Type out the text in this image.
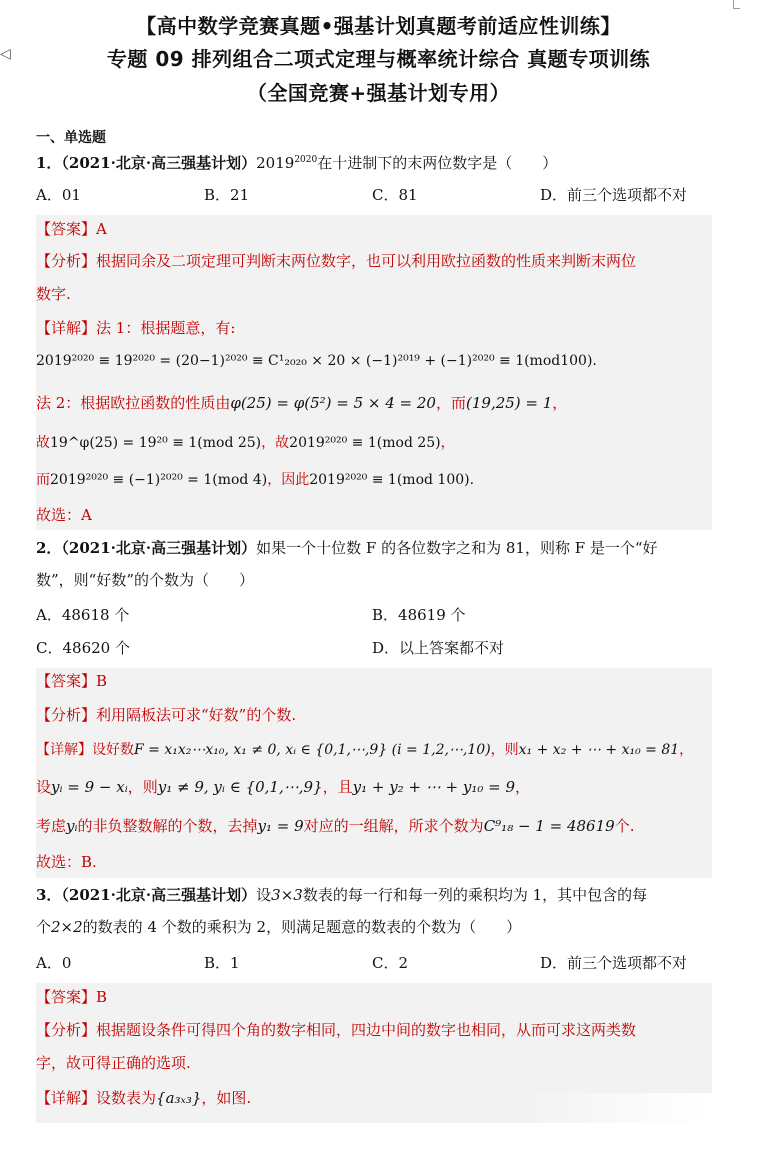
◁
【高中数学竞赛真题•强基计划真题考前适应性训练】
专题 09 排列组合二项式定理与概率统计综合 真题专项训练
（全国竞赛+强基计划专用）
一、单选题
1．（2021·北京·高三强基计划）$2019^{2020}$在十进制下的末两位数字是（　　）
A．01	B．21	C．81	D．前三个选项都不对
【答案】A
【分析】根据同余及二项定理可判断末两位数字，也可以利用欧拉函数的性质来判断末两位
数字.
【详解】法 1：根据题意，有:
2019²⁰²⁰ ≡ 19²⁰²⁰ = (20−1)²⁰²⁰ ≡ C¹₂₀₂₀ × 20 × (−1)²⁰¹⁹ + (−1)²⁰²⁰ ≡ 1(mod100).
法 2：根据欧拉函数的性质由φ(25) = φ(5²) = 5 × 4 = 20，而(19,25) = 1，
故19^φ(25) = 19²⁰ ≡ 1(mod 25)，故2019²⁰²⁰ ≡ 1(mod 25)，
而2019²⁰²⁰ ≡ (−1)²⁰²⁰ = 1(mod 4)，因此2019²⁰²⁰ ≡ 1(mod 100).
故选：A
2．（2021·北京·高三强基计划）如果一个十位数 F 的各位数字之和为 81，则称 F 是一个“好
数”，则“好数”的个数为（　　）
A．48618 个	B．48619 个
C．48620 个	D．以上答案都不对
【答案】B
【分析】利用隔板法可求“好数”的个数.
【详解】设好数F = x₁x₂⋯x₁₀, x₁ ≠ 0, xᵢ ∈ {0,1,⋯,9} (i = 1,2,⋯,10)，则x₁ + x₂ + ⋯ + x₁₀ = 81，
设yᵢ = 9 − xᵢ，则y₁ ≠ 9, yᵢ ∈ {0,1,⋯,9}，且y₁ + y₂ + ⋯ + y₁₀ = 9，
考虑yᵢ的非负整数解的个数，去掉y₁ = 9对应的一组解，所求个数为C⁹₁₈ − 1 = 48619个.
故选：B.
3．（2021·北京·高三强基计划）设3×3数表的每一行和每一列的乘积均为 1，其中包含的每
个2×2的数表的 4 个数的乘积为 2，则满足题意的数表的个数为（　　）
A．0	B．1	C．2	D．前三个选项都不对
【答案】B
【分析】根据题设条件可得四个角的数字相同，四边中间的数字也相同，从而可求这两类数
字，故可得正确的选项.
【详解】设数表为{a₃ₓ₃}，如图.
